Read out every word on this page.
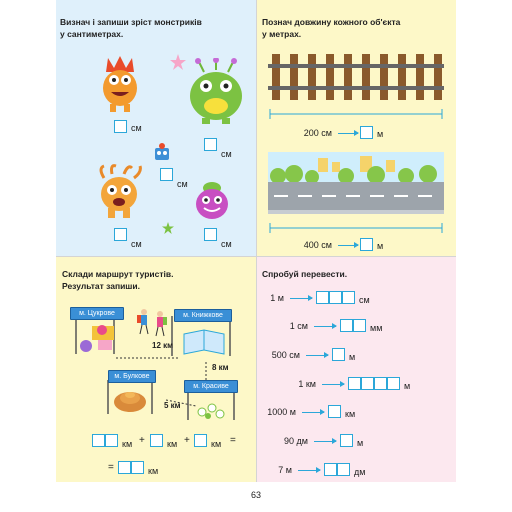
Визнач і запиши зріст монстриків
у сантиметрах.
см
см
см
см	см
Познач довжину кожного об'єкта
у метрах.
200 см	м
400 см	м
Склади маршрут туристів.
Результат запиши.
м. Цукрове	м. Книжкове
м. Булкове
м. Красиве
12 км
8 км
5 км
км + км + км =
=	км
Спробуй перевести.
1 м	см
1 см	мм
500 см	м
1 км	м
1000 м	км
90 дм	м
7 м	дм
63
